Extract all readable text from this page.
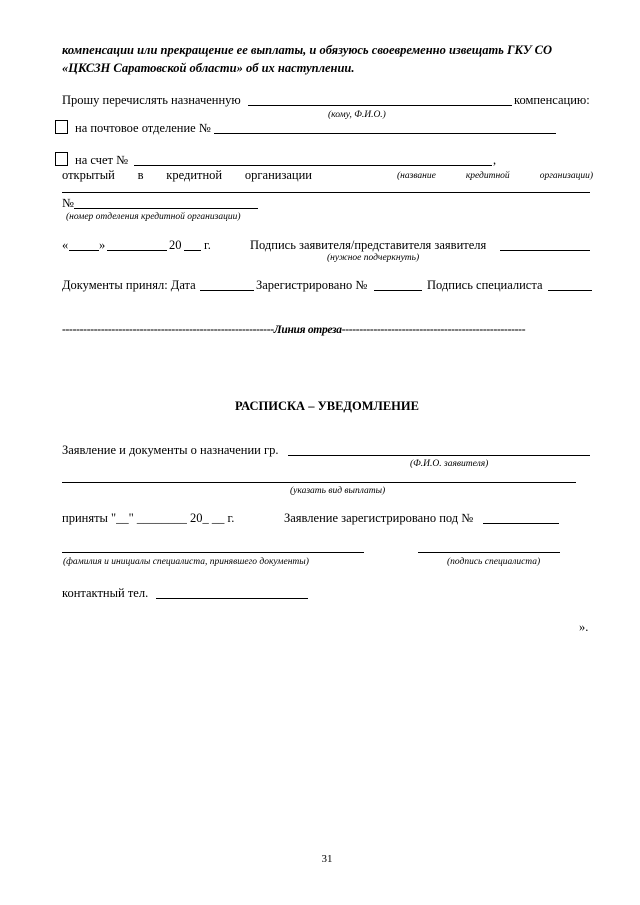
компенсации или прекращение ее выплаты, и обязуюсь своевременно извещать ГКУ СО
«ЦКСЗН Саратовской области» об их наступлении.
Прошу перечислять назначенную	компенсацию:
(кому, Ф.И.О.)
на почтовое отделение №
на счет №	,
открытый в кредитной организации	(название	кредитной	организации)
№
(номер отделения кредитной организации)
« »	20 г.	Подпись заявителя/представителя заявителя
(нужное подчеркнуть)
Документы принял: Дата	Зарегистрировано №	Подпись специалиста
------------------------------------------------------------Линия отреза----------------------------------------------------
РАСПИСКА – УВЕДОМЛЕНИЕ
Заявление и документы о назначении гр.
(Ф.И.О. заявителя)
(указать вид выплаты)
приняты "__" ________ 20_ __ г.	Заявление зарегистрировано под №
(фамилия и инициалы специалиста, принявшего документы)	(подпись специалиста)
контактный тел.
».
31
